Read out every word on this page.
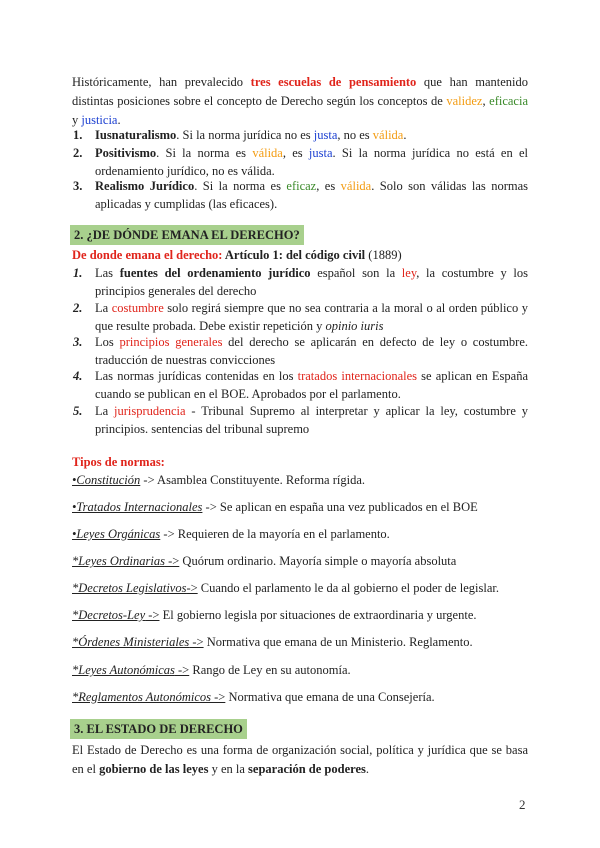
Históricamente, han prevalecido tres escuelas de pensamiento que han mantenido distintas posiciones sobre el concepto de Derecho según los conceptos de validez, eficacia y justicia.

1. Iusnaturalismo. Si la norma jurídica no es justa, no es válida.
2. Positivismo. Si la norma es válida, es justa. Si la norma jurídica no está en el ordenamiento jurídico, no es válida.
3. Realismo Jurídico. Si la norma es eficaz, es válida. Solo son válidas las normas aplicadas y cumplidas (las eficaces).
2. ¿DE DÓNDE EMANA EL DERECHO?
De donde emana el derecho: Artículo 1: del código civil (1889)
1. Las fuentes del ordenamiento jurídico español son la ley, la costumbre y los principios generales del derecho
2. La costumbre solo regirá siempre que no sea contraria a la moral o al orden público y que resulte probada. Debe existir repetición y opinio iuris
3. Los principios generales del derecho se aplicarán en defecto de ley o costumbre. traducción de nuestras convicciones
4. Las normas jurídicas contenidas en los tratados internacionales se aplican en España cuando se publican en el BOE. Aprobados por el parlamento.
5. La jurisprudencia - Tribunal Supremo al interpretar y aplicar la ley, costumbre y principios. sentencias del tribunal supremo
Tipos de normas:
•Constitución -> Asamblea Constituyente. Reforma rígida.
•Tratados Internacionales -> Se aplican en españa una vez publicados en el BOE
•Leyes Orgánicas -> Requieren de la mayoría en el parlamento.
*Leyes Ordinarias -> Quórum ordinario. Mayoría simple o mayoría absoluta
*Decretos Legislativos-> Cuando el parlamento le da al gobierno el poder de legislar.
*Decretos-Ley -> El gobierno legisla por situaciones de extraordinaria y urgente.
*Órdenes Ministeriales -> Normativa que emana de un Ministerio. Reglamento.
*Leyes Autonómicas -> Rango de Ley en su autonomía.
*Reglamentos Autonómicos -> Normativa que emana de una Consejería.
3. EL ESTADO DE DERECHO

El Estado de Derecho es una forma de organización social, política y jurídica que se basa en el gobierno de las leyes y en la separación de poderes.

2
